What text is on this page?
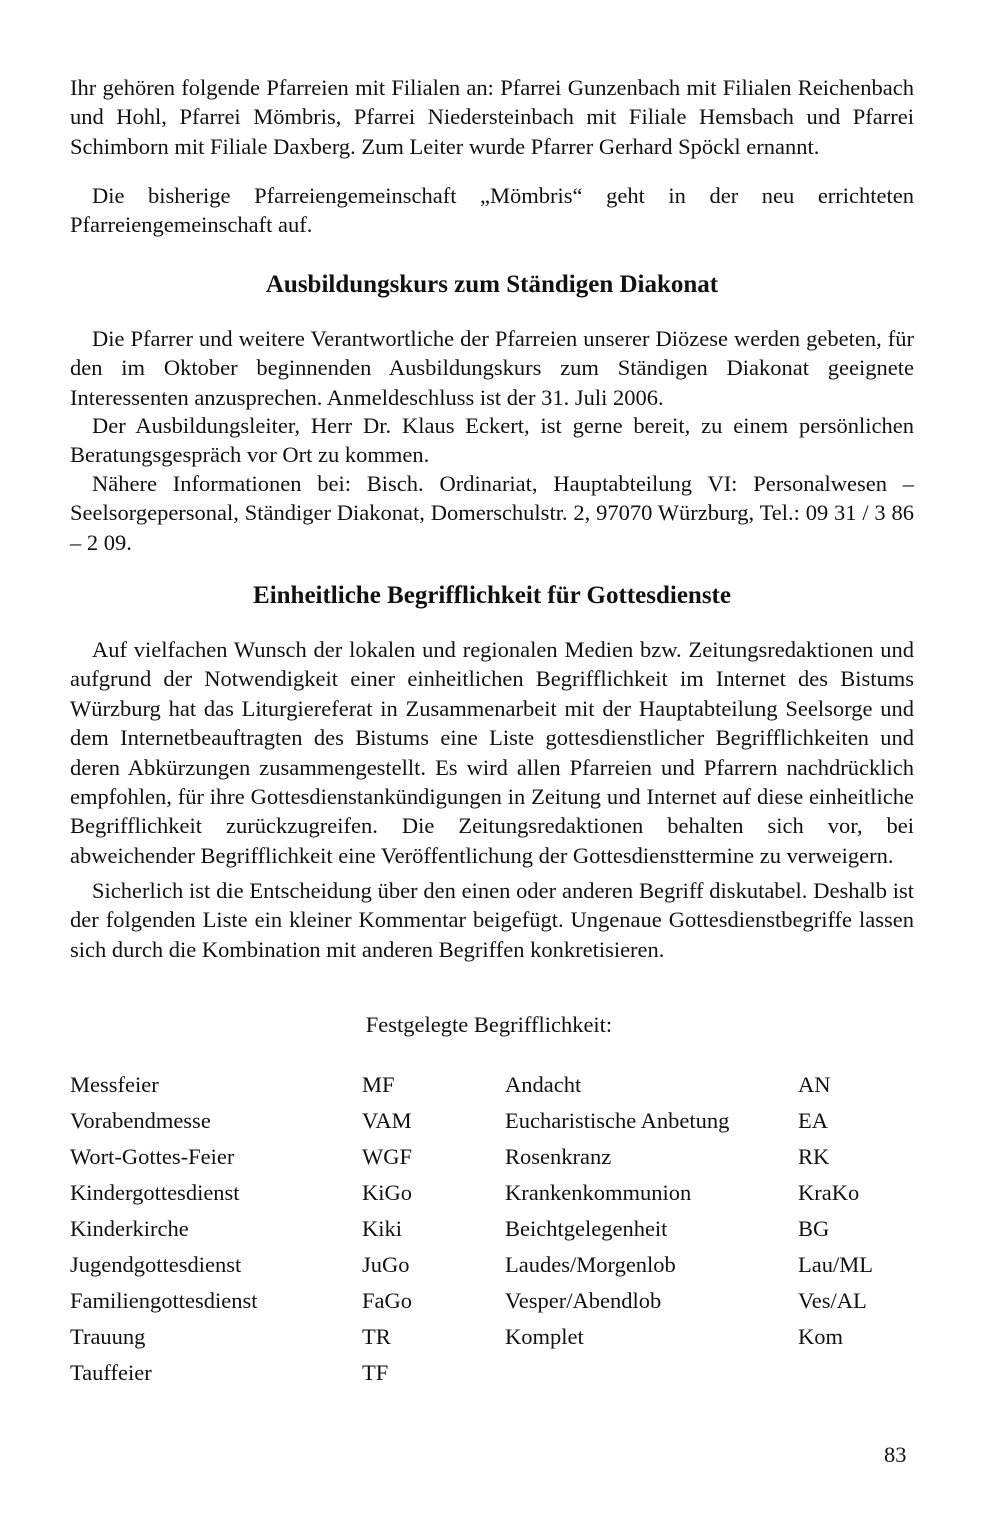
Ihr gehören folgende Pfarreien mit Filialen an: Pfarrei Gunzenbach mit Filialen Reichenbach und Hohl, Pfarrei Mömbris, Pfarrei Niedersteinbach mit Filiale Hemsbach und Pfarrei Schimborn mit Filiale Daxberg. Zum Leiter wurde Pfarrer Gerhard Spöckl ernannt.

Die bisherige Pfarreiengemeinschaft „Mömbris“ geht in der neu errichteten Pfarreiengemeinschaft auf.

Ausbildungskurs zum Ständigen Diakonat

Die Pfarrer und weitere Verantwortliche der Pfarreien unserer Diözese werden gebeten, für den im Oktober beginnenden Ausbildungskurs zum Ständigen Diakonat geeignete Interessenten anzusprechen. Anmeldeschluss ist der 31. Juli 2006.

Der Ausbildungsleiter, Herr Dr. Klaus Eckert, ist gerne bereit, zu einem persönlichen Beratungsgespräch vor Ort zu kommen.

Nähere Informationen bei: Bisch. Ordinariat, Hauptabteilung VI: Personalwesen – Seelsorgepersonal, Ständiger Diakonat, Domerschulstr. 2, 97070 Würzburg, Tel.: 09 31 / 3 86 – 2 09.

Einheitliche Begrifflichkeit für Gottesdienste

Auf vielfachen Wunsch der lokalen und regionalen Medien bzw. Zeitungsredaktionen und aufgrund der Notwendigkeit einer einheitlichen Begrifflichkeit im Internet des Bistums Würzburg hat das Liturgiereferat in Zusammenarbeit mit der Hauptabteilung Seelsorge und dem Internetbeauftragten des Bistums eine Liste gottesdienstlicher Begrifflichkeiten und deren Abkürzungen zusammengestellt. Es wird allen Pfarreien und Pfarrern nachdrücklich empfohlen, für ihre Gottesdienstankündigungen in Zeitung und Internet auf diese einheitliche Begrifflichkeit zurückzugreifen. Die Zeitungsredaktionen behalten sich vor, bei abweichender Begrifflichkeit eine Veröffentlichung der Gottesdiensttermine zu verweigern.

Sicherlich ist die Entscheidung über den einen oder anderen Begriff diskutabel. Deshalb ist der folgenden Liste ein kleiner Kommentar beigefügt. Ungenaue Gottesdienstbegriffe lassen sich durch die Kombination mit anderen Begriffen konkretisieren.

Festgelegte Begrifflichkeit:

Messfeier	MF	Andacht	AN
Vorabendmesse	VAM	Eucharistische Anbetung	EA
Wort-Gottes-Feier	WGF	Rosenkranz	RK
Kindergottesdienst	KiGo	Krankenkommunion	KraKo
Kinderkirche	Kiki	Beichtgelegenheit	BG
Jugendgottesdienst	JuGo	Laudes/Morgenlob	Lau/ML
Familiengottesdienst	FaGo	Vesper/Abendlob	Ves/AL
Trauung	TR	Komplet	Kom
Tauffeier	TF
83
